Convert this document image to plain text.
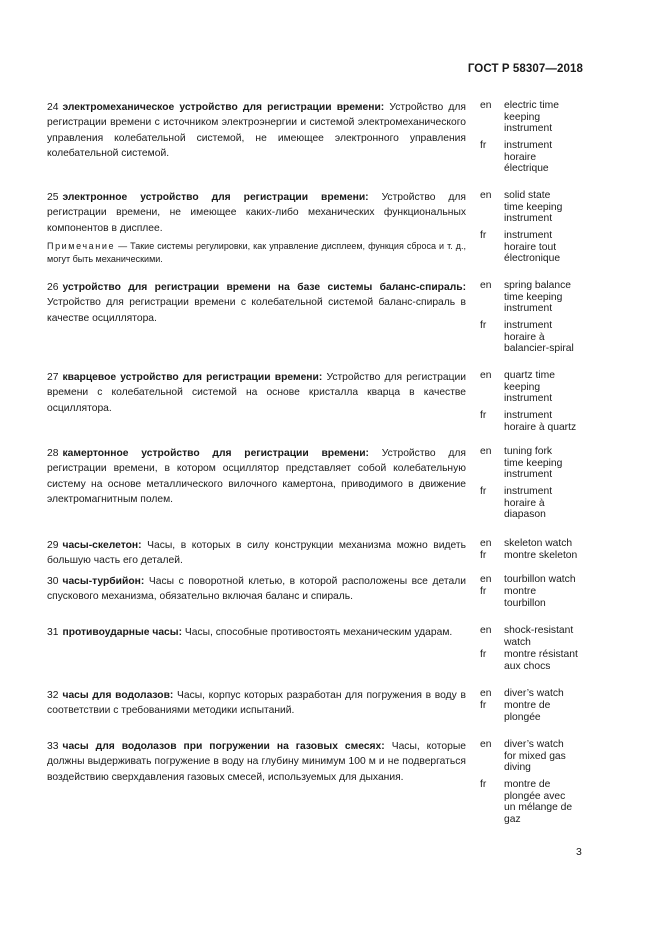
ГОСТ Р 58307—2018
24 электромеханическое устройство для регистрации времени: Устройство для регистрации времени с источником электроэнергии и системой электромеханического управления колебательной системой, не имеющее электронного управления колебательной системой.
en electric time
keeping
instrument
fr instrument
horaire
électrique
25 электронное устройство для регистрации времени: Устройство для регистрации времени, не имеющее каких-либо механических функциональных компонентов в дисплее.
Примечание — Такие системы регулировки, как управление дисплеем, функция сброса и т. д., могут быть механическими.
en solid state
time keeping
instrument
fr instrument
horaire tout
électronique
26 устройство для регистрации времени на базе системы баланс-спираль: Устройство для регистрации времени с колебательной системой баланс-спираль в качестве осциллятора.
en spring balance
time keeping
instrument
fr instrument
horaire à
balancier-spiral
27 кварцевое устройство для регистрации времени: Устройство для регистрации времени с колебательной системой на основе кристалла кварца в качестве осциллятора.
en quartz time
keeping
instrument
fr instrument
horaire à quartz
28 камертонное устройство для регистрации времени: Устройство для регистрации времени, в котором осциллятор представляет собой колебательную систему на основе металлического вилочного камертона, приводимого в движение электромагнитным полем.
en tuning fork
time keeping
instrument
fr instrument
horaire à
diapason
29 часы-скелетон: Часы, в которых в силу конструкции механизма можно видеть большую часть его деталей.
en skeleton watch
fr montre skeleton
30 часы-турбийон: Часы с поворотной клетью, в которой расположены все детали спускового механизма, обязательно включая баланс и спираль.
en tourbillon watch
fr montre
tourbillon
31 противоударные часы: Часы, способные противостоять механическим ударам.	en shock-resistant
watch
fr montre résistant
aux chocs
32 часы для водолазов: Часы, корпус которых разработан для погружения в воду в соответствии с требованиями методики испытаний.
en diver’s watch
fr montre de
plongée
33 часы для водолазов при погружении на газовых смесях: Часы, которые должны выдерживать погружение в воду на глубину минимум 100 м и не подвергаться воздействию сверхдавления газовых смесей, используемых для дыхания.
en diver’s watch
for mixed gas
diving
fr montre de
plongée avec
un mélange de
gaz
3
